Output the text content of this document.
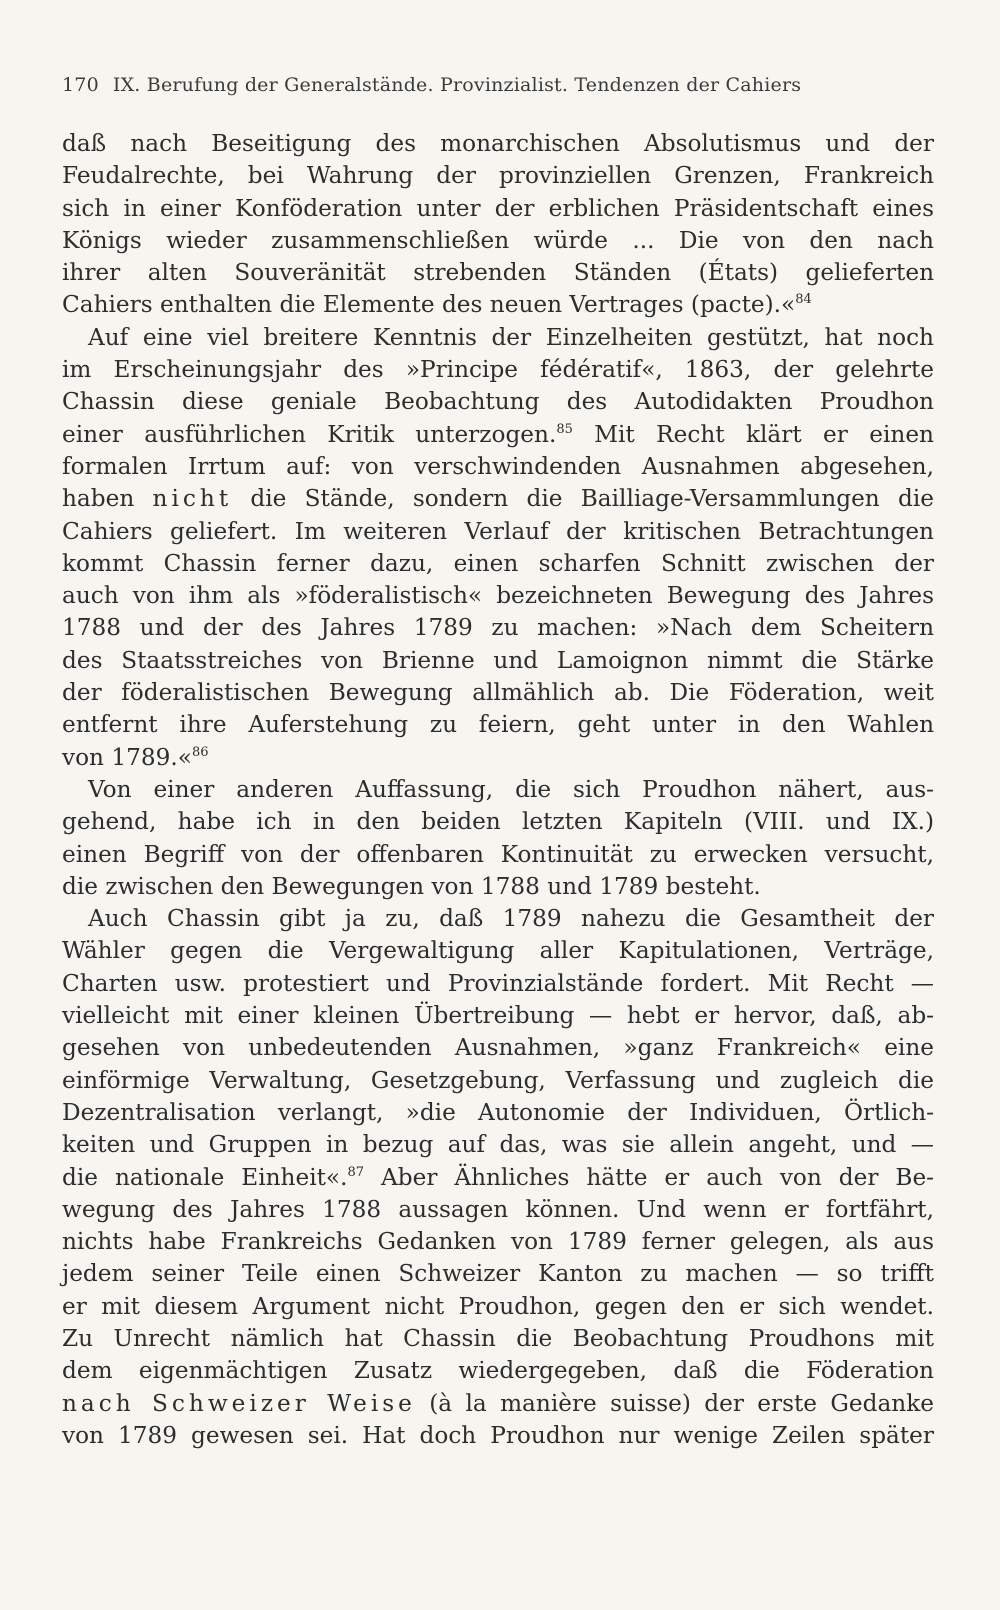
170 IX. Berufung der Generalstände. Provinzialist. Tendenzen der Cahiers

daß nach Beseitigung des monarchischen Absolutismus und der

Feudalrechte, bei Wahrung der provinziellen Grenzen, Frankreich

sich in einer Konföderation unter der erblichen Präsidentschaft eines

Königs wieder zusammenschließen würde ... Die von den nach

ihrer alten Souveränität strebenden Ständen (États) gelieferten

Cahiers enthalten die Elemente des neuen Vertrages (pacte).«$^{84}$

Auf eine viel breitere Kenntnis der Einzelheiten gestützt, hat noch

im Erscheinungsjahr des »Principe fédératif«, 1863, der gelehrte

Chassin diese geniale Beobachtung des Autodidakten Proudhon

einer ausführlichen Kritik unterzogen.$^{85}$ Mit Recht klärt er einen

formalen Irrtum auf: von verschwindenden Ausnahmen abgesehen,

haben nicht die Stände, sondern die Bailliage-Versammlungen die

Cahiers geliefert. Im weiteren Verlauf der kritischen Betrachtungen

kommt Chassin ferner dazu, einen scharfen Schnitt zwischen der

auch von ihm als »föderalistisch« bezeichneten Bewegung des Jahres

1788 und der des Jahres 1789 zu machen: »Nach dem Scheitern

des Staatsstreiches von Brienne und Lamoignon nimmt die Stärke

der föderalistischen Bewegung allmählich ab. Die Föderation, weit

entfernt ihre Auferstehung zu feiern, geht unter in den Wahlen

von 1789.«$^{86}$

Von einer anderen Auffassung, die sich Proudhon nähert, aus-

gehend, habe ich in den beiden letzten Kapiteln (VIII. und IX.)

einen Begriff von der offenbaren Kontinuität zu erwecken versucht,

die zwischen den Bewegungen von 1788 und 1789 besteht.

Auch Chassin gibt ja zu, daß 1789 nahezu die Gesamtheit der

Wähler gegen die Vergewaltigung aller Kapitulationen, Verträge,

Charten usw. protestiert und Provinzialstände fordert. Mit Recht —

vielleicht mit einer kleinen Übertreibung — hebt er hervor, daß, ab-

gesehen von unbedeutenden Ausnahmen, »ganz Frankreich« eine

einförmige Verwaltung, Gesetzgebung, Verfassung und zugleich die

Dezentralisation verlangt, »die Autonomie der Individuen, Örtlich-

keiten und Gruppen in bezug auf das, was sie allein angeht, und —

die nationale Einheit«.$^{87}$ Aber Ähnliches hätte er auch von der Be-

wegung des Jahres 1788 aussagen können. Und wenn er fortfährt,

nichts habe Frankreichs Gedanken von 1789 ferner gelegen, als aus

jedem seiner Teile einen Schweizer Kanton zu machen — so trifft

er mit diesem Argument nicht Proudhon, gegen den er sich wendet.

Zu Unrecht nämlich hat Chassin die Beobachtung Proudhons mit

dem eigenmächtigen Zusatz wiedergegeben, daß die Föderation

nach Schweizer Weise (à la manière suisse) der erste Gedanke

von 1789 gewesen sei. Hat doch Proudhon nur wenige Zeilen später
